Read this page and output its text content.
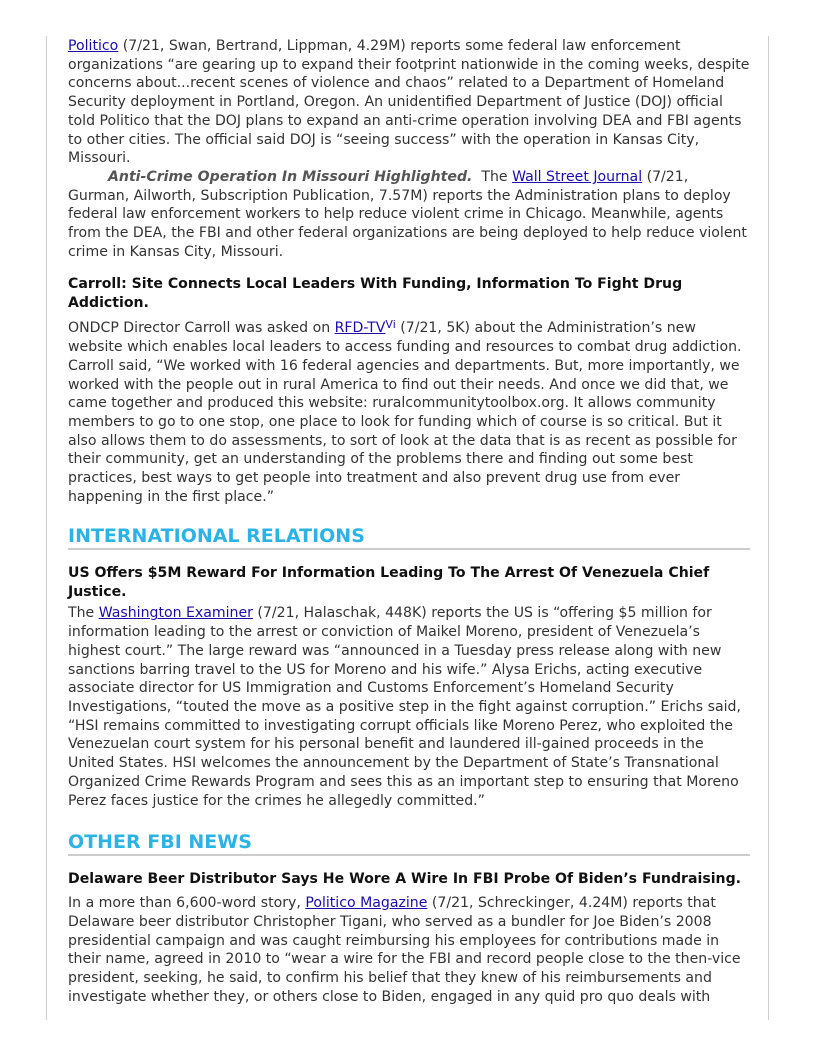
Politico (7/21, Swan, Bertrand, Lippman, 4.29M) reports some federal law enforcement organizations “are gearing up to expand their footprint nationwide in the coming weeks, despite concerns about...recent scenes of violence and chaos” related to a Department of Homeland Security deployment in Portland, Oregon. An unidentified Department of Justice (DOJ) official told Politico that the DOJ plans to expand an anti-crime operation involving DEA and FBI agents to other cities. The official said DOJ is “seeing success” with the operation in Kansas City, Missouri.

Anti-Crime Operation In Missouri Highlighted.  The Wall Street Journal (7/21, Gurman, Ailworth, Subscription Publication, 7.57M) reports the Administration plans to deploy federal law enforcement workers to help reduce violent crime in Chicago. Meanwhile, agents from the DEA, the FBI and other federal organizations are being deployed to help reduce violent crime in Kansas City, Missouri.

Carroll: Site Connects Local Leaders With Funding, Information To Fight Drug Addiction.

ONDCP Director Carroll was asked on RFD-$TV^{Vi}$ (7/21, 5K) about the Administration’s new website which enables local leaders to access funding and resources to combat drug addiction. Carroll said, “We worked with 16 federal agencies and departments. But, more importantly, we worked with the people out in rural America to find out their needs. And once we did that, we came together and produced this website: ruralcommunitytoolbox.org. It allows community members to go to one stop, one place to look for funding which of course is so critical. But it also allows them to do assessments, to sort of look at the data that is as recent as possible for their community, get an understanding of the problems there and finding out some best practices, best ways to get people into treatment and also prevent drug use from ever happening in the first place.”

INTERNATIONAL RELATIONS
US Offers $5M Reward For Information Leading To The Arrest Of Venezuela Chief Justice.

The Washington Examiner (7/21, Halaschak, 448K) reports the US is “offering $5 million for information leading to the arrest or conviction of Maikel Moreno, president of Venezuela’s highest court.” The large reward was “announced in a Tuesday press release along with new sanctions barring travel to the US for Moreno and his wife.” Alysa Erichs, acting executive associate director for US Immigration and Customs Enforcement’s Homeland Security Investigations, “touted the move as a positive step in the fight against corruption.” Erichs said, “HSI remains committed to investigating corrupt officials like Moreno Perez, who exploited the Venezuelan court system for his personal benefit and laundered ill-gained proceeds in the United States. HSI welcomes the announcement by the Department of State’s Transnational Organized Crime Rewards Program and sees this as an important step to ensuring that Moreno Perez faces justice for the crimes he allegedly committed.”

OTHER FBI NEWS
Delaware Beer Distributor Says He Wore A Wire In FBI Probe Of Biden’s Fundraising.

In a more than 6,600-word story, Politico Magazine (7/21, Schreckinger, 4.24M) reports that Delaware beer distributor Christopher Tigani, who served as a bundler for Joe Biden’s 2008 presidential campaign and was caught reimbursing his employees for contributions made in their name, agreed in 2010 to “wear a wire for the FBI and record people close to the then-vice president, seeking, he said, to confirm his belief that they knew of his reimbursements and investigate whether they, or others close to Biden, engaged in any quid pro quo deals with
